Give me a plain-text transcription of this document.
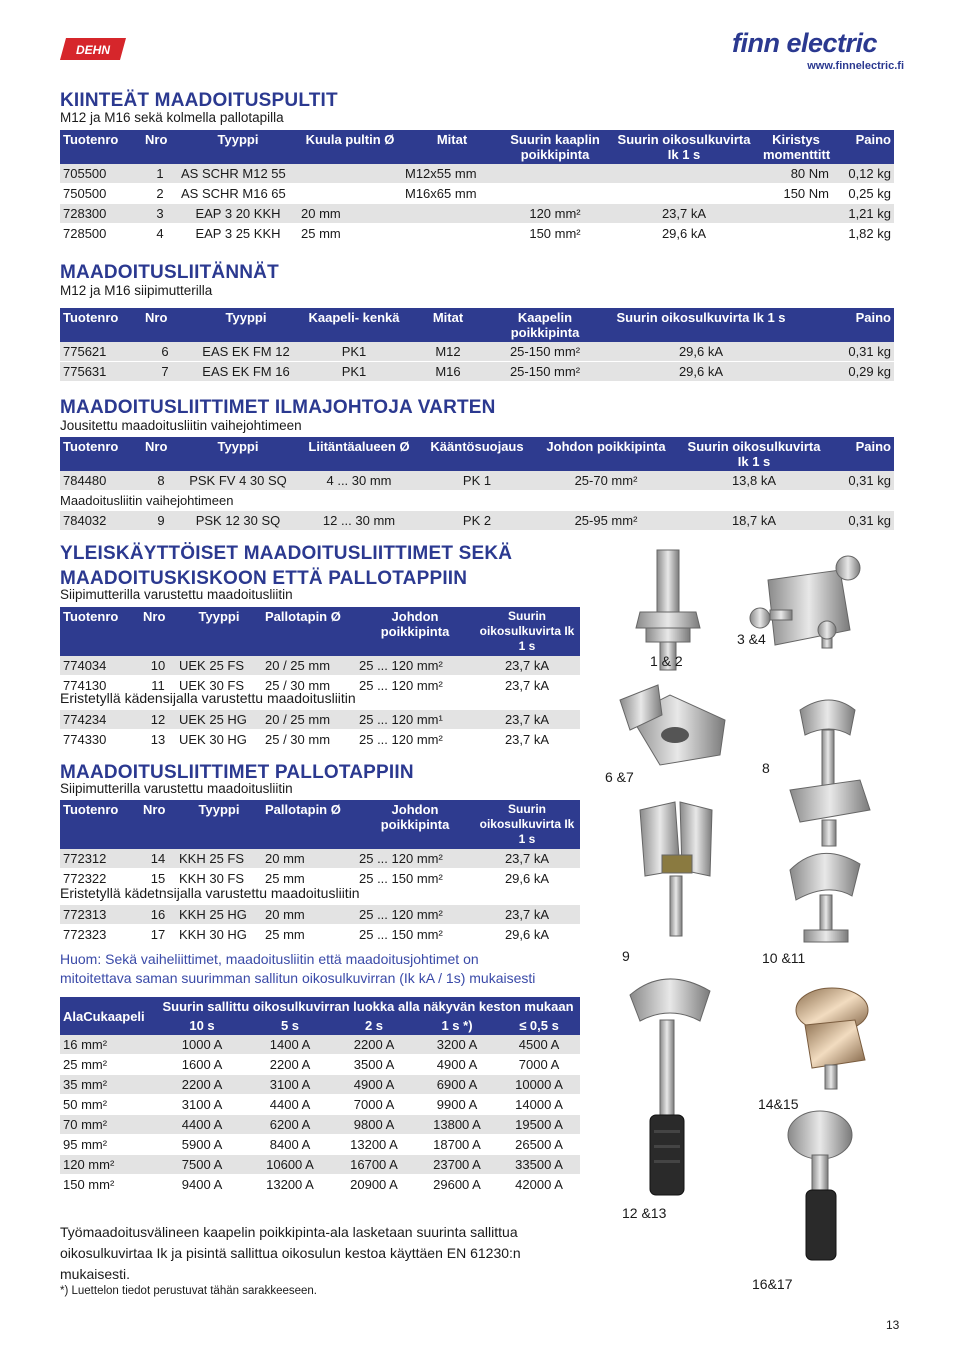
DEHN	finn electric
www.finnelectric.fi
KIINTEÄT MAADOITUSPULTIT
M12 ja M16 sekä kolmella pallotapilla
Tuotenro	Nro	Tyyppi	Kuula pultin Ø	Mitat	Suurin kaaplin poikkipinta	Suurin oikosulkuvirta Ik 1 s	Kiristys momenttitt	Paino
705500	1	AS SCHR M12 55		M12x55 mm			80 Nm	0,12 kg
750500	2	AS SCHR M16 65		M16x65 mm			150 Nm	0,25 kg
728300	3	EAP 3 20 KKH	20 mm		120 mm²	23,7 kA		1,21 kg
728500	4	EAP 3 25 KKH	25 mm		150 mm²	29,6 kA		1,82 kg
MAADOITUSLIITÄNNÄT
M12 ja M16 siipimutterilla
Tuotenro	Nro	Tyyppi	Kaapeli- kenkä	Mitat	Kaapelin poikkipinta	Suurin oikosulkuvirta Ik 1 s	Paino
775621	6	EAS EK FM 12	PK1	M12	25-150 mm²	29,6 kA	0,31 kg
775631	7	EAS EK FM 16	PK1	M16	25-150 mm²	29,6 kA	0,29 kg
MAADOITUSLIITTIMET ILMAJOHTOJA VARTEN
Jousitettu maadoitusliitin vaihejohtimeen
Tuotenro	Nro	Tyyppi	Liitäntäalueen Ø	Kääntösuojaus	Johdon poikkipinta	Suurin oikosulkuvirta Ik 1 s	Paino
784480	8	PSK FV 4 30 SQ	4 ... 30 mm	PK 1	25-70 mm²	13,8 kA	0,31 kg
Maadoitusliitin vaihejohtimeen							
784032	9	PSK 12 30 SQ	12 ... 30 mm	PK 2	25-95 mm²	18,7 kA	0,31 kg
YLEISKÄYTTÖISET MAADOITUSLIITTIMET SEKÄ
MAADOITUSKISKOON ETTÄ PALLOTAPPIIN
Siipimutterilla varustettu maadoitusliitin
Tuotenro	Nro	Tyyppi	Pallotapin Ø	Johdon poikkipinta	Suurin oikosulkuvirta Ik 1 s
774034	10	UEK 25 FS	20 / 25 mm	25 ... 120 mm²	23,7 kA
774130	11	UEK 30 FS	25 / 30 mm	25 ... 120 mm²	23,7 kA
Eristetyllä kädensijalla varustettu maadoitusliitin
774234	12	UEK 25 HG	20 / 25 mm	25 ... 120 mm¹	23,7 kA
774330	13	UEK 30 HG	25 / 30 mm	25 ... 120 mm²	23,7 kA
MAADOITUSLIITTIMET PALLOTAPPIIN
Siipimutterilla varustettu maadoitusliitin
Tuotenro	Nro	Tyyppi	Pallotapin Ø	Johdon poikkipinta	Suurin oikosulkuvirta Ik 1 s
772312	14	KKH 25 FS	20 mm	25 ... 120 mm²	23,7 kA
772322	15	KKH 30 FS	25 mm	25 ... 150 mm²	29,6 kA
Eristetyllä kädetnsijalla varustettu maadoitusliitin
772313	16	KKH 25 HG	20 mm	25 ... 120 mm²	23,7 kA
772323	17	KKH 30 HG	25 mm	25 ... 150 mm²	29,6 kA
Huom: Sekä vaiheliittimet, maadoitusliitin että maadoitusjohtimet on
mitoitettava saman suurimman sallitun oikosulkuvirran (Ik kA / 1s) mukaisesti
AlaCukaapeli	Suurin sallittu oikosulkuvirran luokka alla näkyvän keston mukaan				
	10 s	5 s	2 s	1 s *)	≤ 0,5 s
16 mm²	1000 A	1400 A	2200 A	3200 A	4500 A
25 mm²	1600 A	2200 A	3500 A	4900 A	7000 A
35 mm²	2200 A	3100 A	4900 A	6900 A	10000 A
50 mm²	3100 A	4400 A	7000 A	9900 A	14000 A
70 mm²	4400 A	6200 A	9800 A	13800 A	19500 A
95 mm²	5900 A	8400 A	13200 A	18700 A	26500 A
120 mm²	7500 A	10600 A	16700 A	23700 A	33500 A
150 mm²	9400 A	13200 A	20900 A	29600 A	42000 A
Työmaadoitusvälineen kaapelin poikkipinta-ala lasketaan suurinta sallittua oikosulkuvirtaa Ik ja pisintä sallittua oikosulun kestoa käyttäen EN 61230:n mukaisesti.
*) Luettelon tiedot perustuvat tähän sarakkeeseen.
1 & 2
3 &4
6 &7
8
9	10 &11
14&15
12 &13
16&17
13
